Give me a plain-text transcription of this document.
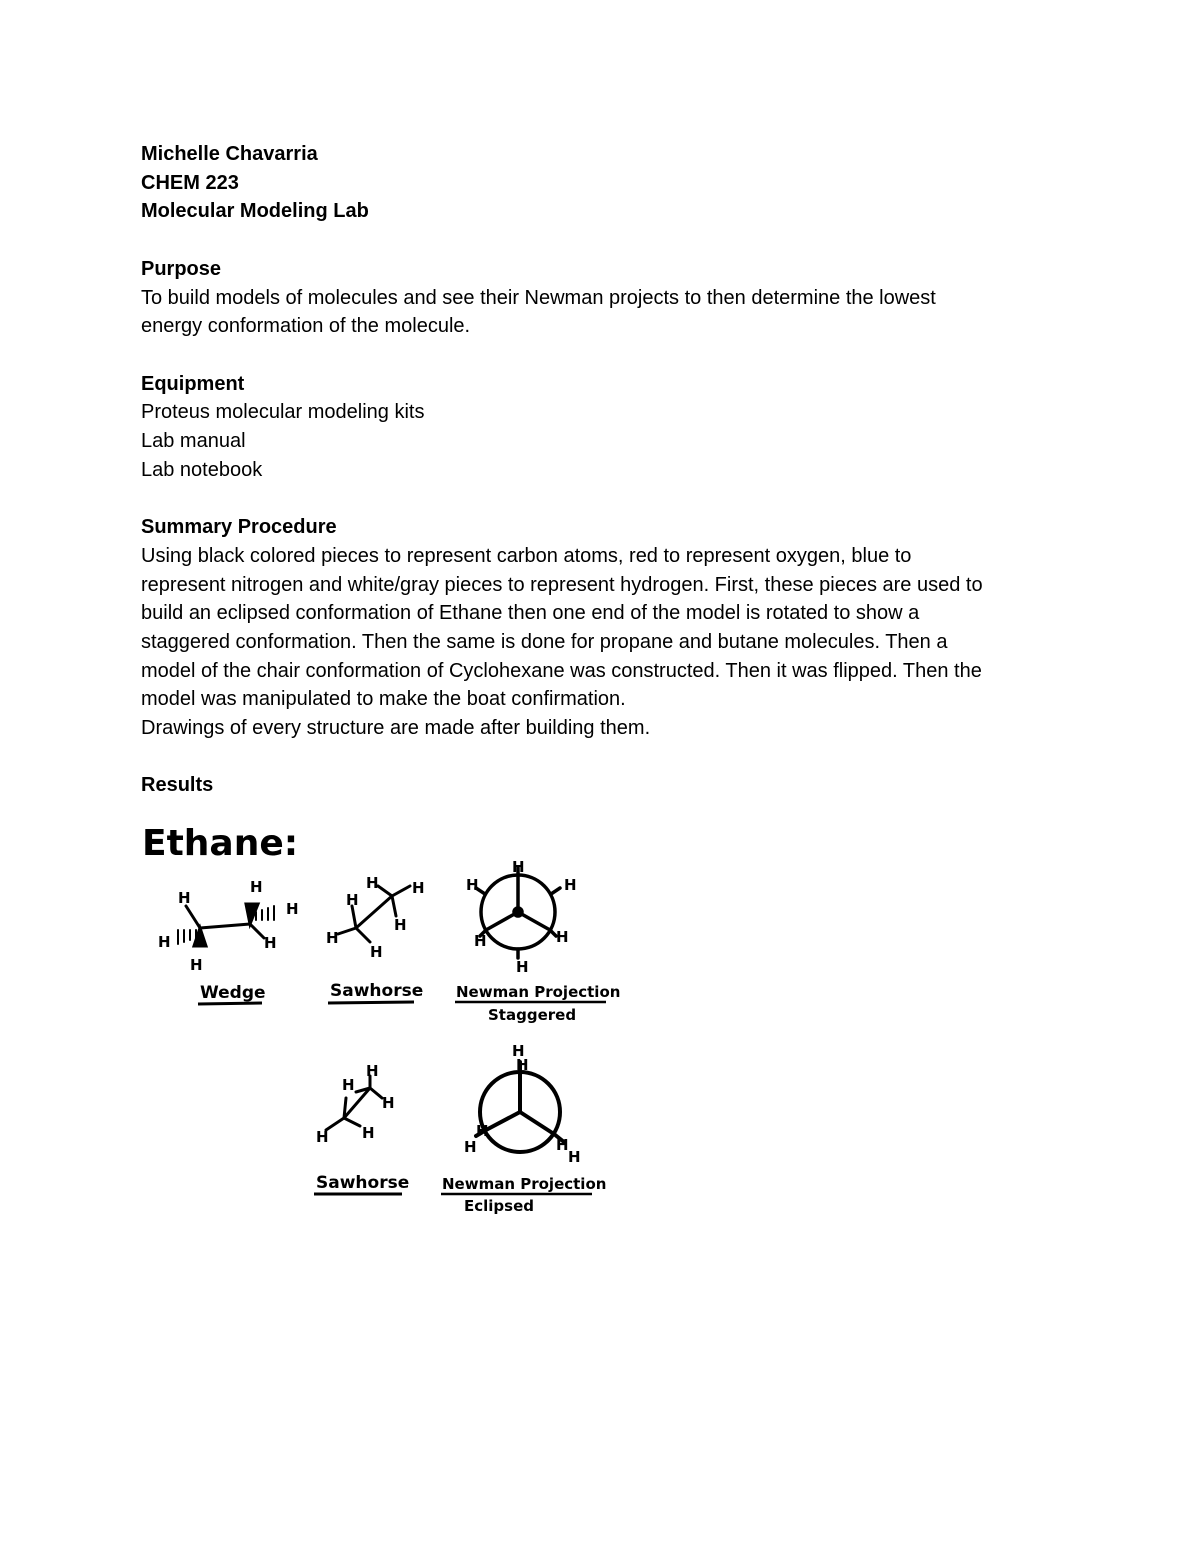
Michelle Chavarria
CHEM 223
Molecular Modeling Lab
Purpose
To build models of molecules and see their Newman projects to then determine the lowest
energy conformation of the molecule.
Equipment
Proteus molecular modeling kits
Lab manual
Lab notebook
Summary Procedure
Using black colored pieces to represent carbon atoms, red to represent oxygen, blue to
represent nitrogen and white/gray pieces to represent hydrogen. First, these pieces are used to
build an eclipsed conformation of Ethane then one end of the model is rotated to show a
staggered conformation. Then the same is done for propane and butane molecules. Then a
model of the chair conformation of Cyclohexane was constructed. Then it was flipped. Then the
model was manipulated to make the boat confirmation.
Drawings of every structure are made after building them.
Results
Ethane:
H
H
H
H	H
H
Wedge
H
H H
H
H
H
Sawhorse
H
H	H
H	H
H
Newman Projection
Staggered
H
H
H
H H
Sawhorse
H
H
H
H
H
H
Newman Projection
Eclipsed
